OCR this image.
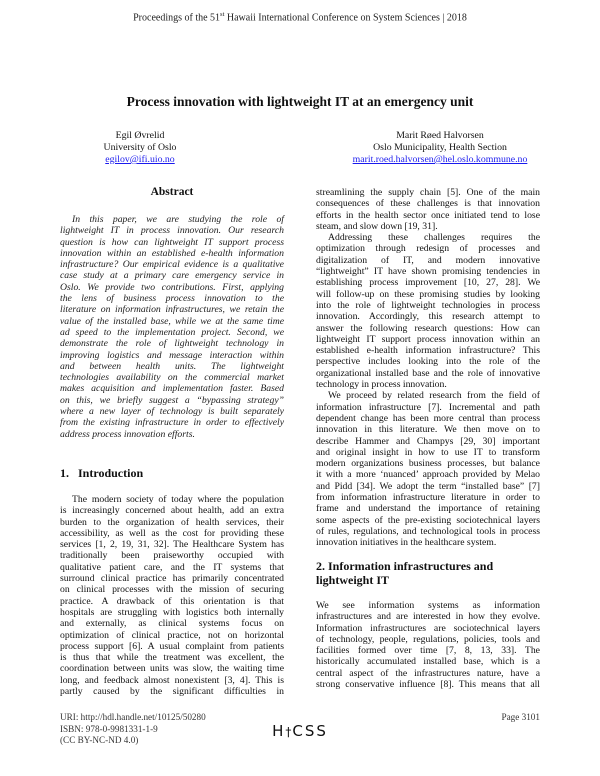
Proceedings of the 51st Hawaii International Conference on System Sciences | 2018
Process innovation with lightweight IT at an emergency unit
Egil Øvrelid
University of Oslo
egilov@ifi.uio.no
Marit Røed Halvorsen
Oslo Municipality, Health Section
marit.roed.halvorsen@hel.oslo.kommune.no
Abstract
In this paper, we are studying the role of
lightweight IT in process innovation. Our research
question is how can lightweight IT support process
innovation within an established e-health information
infrastructure? Our empirical evidence is a qualitative
case study at a primary care emergency service in
Oslo. We provide two contributions. First, applying
the lens of business process innovation to the
literature on information infrastructures, we retain the
value of the installed base, while we at the same time
ad speed to the implementation project. Second, we
demonstrate the role of lightweight technology in
improving logistics and message interaction within
and between health units. The lightweight
technologies availability on the commercial market
makes acquisition and implementation faster. Based
on this, we briefly suggest a “bypassing strategy”
where a new layer of technology is built separately
from the existing infrastructure in order to effectively
address process innovation efforts.
1.   Introduction
The modern society of today where the population
is increasingly concerned about health, add an extra
burden to the organization of health services, their
accessibility, as well as the cost for providing these
services [1, 2, 19, 31, 32]. The Healthcare System has
traditionally been praiseworthy occupied with
qualitative patient care, and the IT systems that
surround clinical practice has primarily concentrated
on clinical processes with the mission of securing
practice. A drawback of this orientation is that
hospitals are struggling with logistics both internally
and externally, as clinical systems focus on
optimization of clinical practice, not on horizontal
process support [6]. A usual complaint from patients
is thus that while the treatment was excellent, the
coordination between units was slow, the waiting time
long, and feedback almost nonexistent [3, 4]. This is
partly caused by the significant difficulties in
streamlining the supply chain [5]. One of the main
consequences of these challenges is that innovation
efforts in the health sector once initiated tend to lose
steam, and slow down [19, 31].
Addressing these challenges requires the
optimization through redesign of processes and
digitalization of IT, and modern innovative
“lightweight” IT have shown promising tendencies in
establishing process improvement [10, 27, 28]. We
will follow-up on these promising studies by looking
into the role of lightweight technologies in process
innovation. Accordingly, this research attempt to
answer the following research questions: How can
lightweight IT support process innovation within an
established e-health information infrastructure? This
perspective includes looking into the role of the
organizational installed base and the role of innovative
technology in process innovation.
We proceed by related research from the field of
information infrastructure [7]. Incremental and path
dependent change has been more central than process
innovation in this literature. We then move on to
describe Hammer and Champys [29, 30] important
and original insight in how to use IT to transform
modern organizations business processes, but balance
it with a more ‘nuanced’ approach provided by Melao
and Pidd [34]. We adopt the term “installed base” [7]
from information infrastructure literature in order to
frame and understand the importance of retaining
some aspects of the pre-existing sociotechnical layers
of rules, regulations, and technological tools in process
innovation initiatives in the healthcare system.
2. Information infrastructures and
lightweight IT
We see information systems as information
infrastructures and are interested in how they evolve.
Information infrastructures are sociotechnical layers
of technology, people, regulations, policies, tools and
facilities formed over time [7, 8, 13, 33]. The
historically accumulated installed base, which is a
central aspect of the infrastructures nature, have a
strong conservative influence [8]. This means that all
URI: http://hdl.handle.net/10125/50280
ISBN: 978-0-9981331-1-9
(CC BY-NC-ND 4.0)	H†CSS
Page 3101
